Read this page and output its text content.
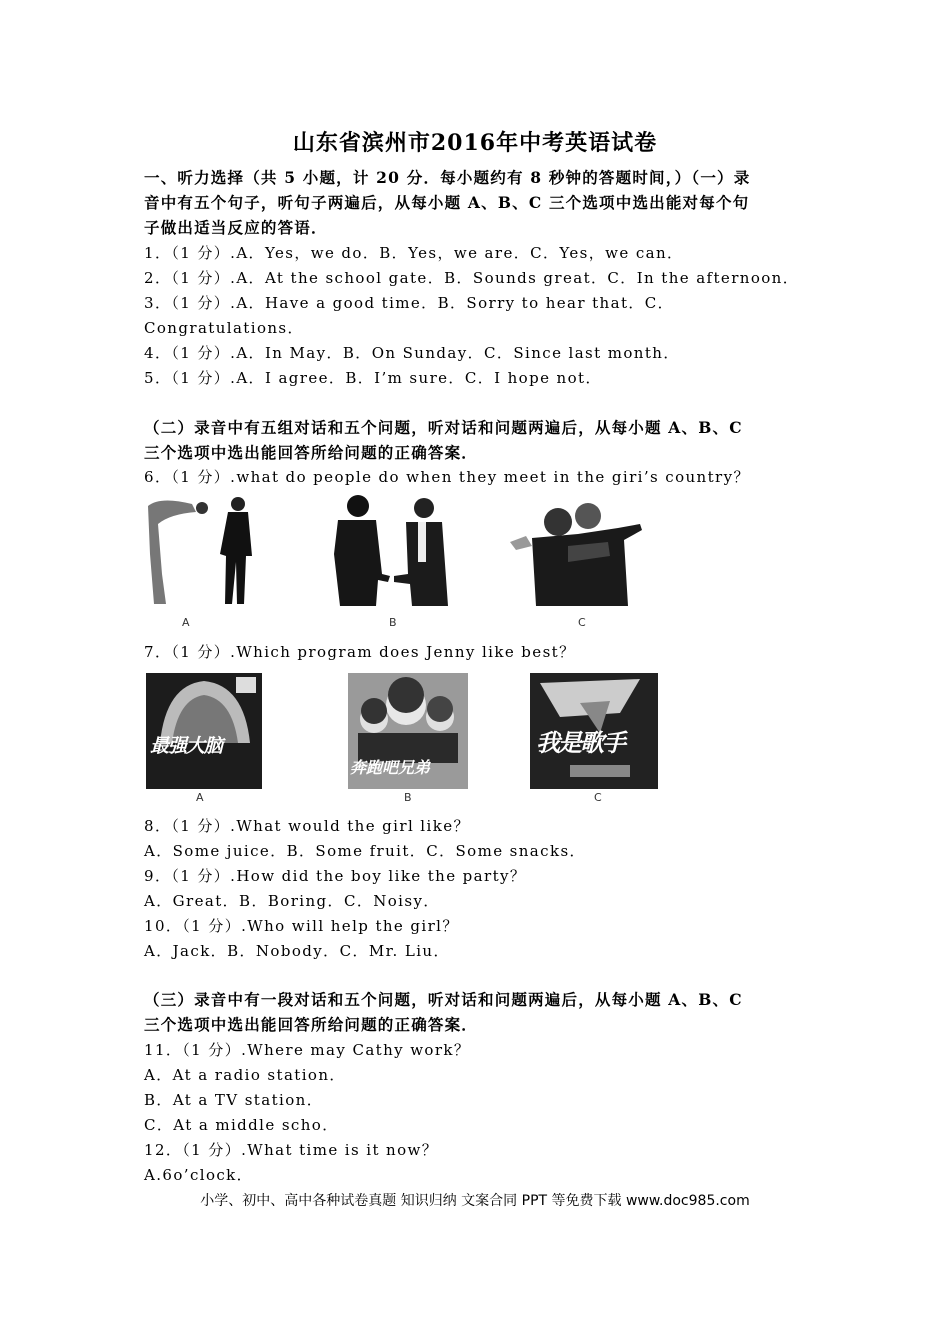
山东省滨州市2016年中考英语试卷
一、听力选择（共 5 小题，计 20 分．每小题约有 8 秒钟的答题时间，）（一）录
音中有五个句子，听句子两遍后，从每小题 A、B、C 三个选项中选出能对每个句
子做出适当反应的答语．
1．（1 分）.A．Yes，we do．B．Yes，we are．C．Yes，we can．
2．（1 分）.A．At the school gate．B．Sounds great．C．In the afternoon．
3．（1 分）.A．Have a good time．B．Sorry to hear that．C．
Congratulations．
4．（1 分）.A．In May．B．On Sunday．C．Since last month．
5．（1 分）.A．I agree．B．I’m sure．C．I hope not．
（二）录音中有五组对话和五个问题，听对话和问题两遍后，从每小题 A、B、C
三个选项中选出能回答所给问题的正确答案．
6．（1 分）.what do people do when they meet in the giri’s country？
A	B	C
7．（1 分）.Which program does Jenny like best？
最强大脑
奔跑吧兄弟
我是歌手
A	B	C
8．（1 分）.What would the girl like？
A．Some juice．B．Some fruit．C．Some snacks．
9．（1 分）.How did the boy like the party？
A．Great．B．Boring．C．Noisy．
10．（1 分）.Who will help the girl？
A．Jack．B．Nobody．C．Mr. Liu．
（三）录音中有一段对话和五个问题，听对话和问题两遍后，从每小题 A、B、C
三个选项中选出能回答所给问题的正确答案．
11．（1 分）.Where may Cathy work？
A．At a radio station．
B．At a TV station．
C．At a middle scho．
12．（1 分）.What time is it now？
A.6o’clock．
小学、初中、高中各种试卷真题 知识归纳 文案合同 PPT 等免费下载 www.doc985.com
